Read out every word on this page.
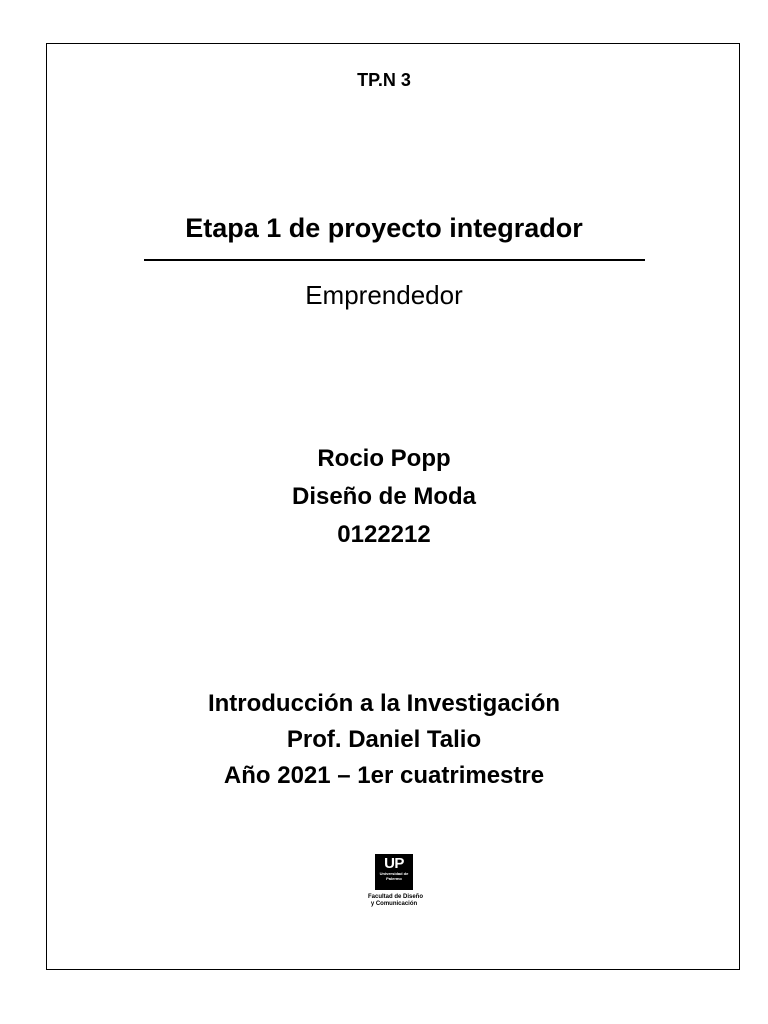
TP.N 3
Etapa 1 de proyecto integrador
Emprendedor
Rocio Popp
Diseño de Moda
0122212
Introducción a la Investigación
Prof. Daniel Talio
Año 2021 – 1er cuatrimestre
UP
Universidad de Palermo
Facultad de Diseño
y Comunicación
